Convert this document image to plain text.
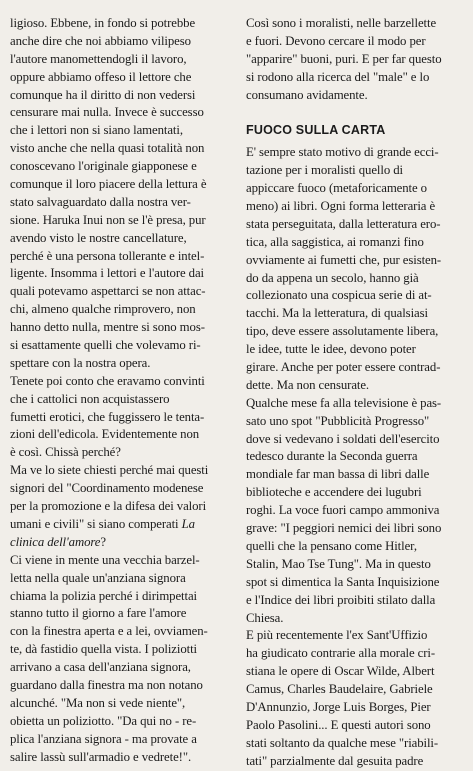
ligioso. Ebbene, in fondo si potrebbe
anche dire che noi abbiamo vilipeso
l'autore manomettendogli il lavoro,
oppure abbiamo offeso il lettore che
comunque ha il diritto di non vedersi
censurare mai nulla. Invece è successo
che i lettori non si siano lamentati,
visto anche che nella quasi totalità non
conoscevano l'originale giapponese e
comunque il loro piacere della lettura è
stato salvaguardato dalla nostra ver-
sione. Haruka Inui non se l'è presa, pur
avendo visto le nostre cancellature,
perché è una persona tollerante e intel-
ligente. Insomma i lettori e l'autore dai
quali potevamo aspettarci se non attac-
chi, almeno qualche rimprovero, non
hanno detto nulla, mentre si sono mos-
si esattamente quelli che volevamo ri-
spettare con la nostra opera.
Tenete poi conto che eravamo convinti
che i cattolici non acquistassero
fumetti erotici, che fuggissero le tenta-
zioni dell'edicola. Evidentemente non
è così. Chissà perché?
Ma ve lo siete chiesti perché mai questi
signori del "Coordinamento modenese
per la promozione e la difesa dei valori
umani e civili" si siano comperati La
clinica dell'amore?
Ci viene in mente una vecchia barzel-
letta nella quale un'anziana signora
chiama la polizia perché i dirimpettai
stanno tutto il giorno a fare l'amore
con la finestra aperta e a lei, ovviamen-
te, dà fastidio quella vista. I poliziotti
arrivano a casa dell'anziana signora,
guardano dalla finestra ma non notano
alcunché. "Ma non si vede niente",
obietta un poliziotto. "Da qui no - re-
plica l'anziana signora - ma provate a
salire lassù sull'armadio e vedrete!".
Così sono i moralisti, nelle barzellette
e fuori. Devono cercare il modo per
"apparire" buoni, puri. E per far questo
si rodono alla ricerca del "male" e lo
consumano avidamente.
FUOCO SULLA CARTA
E' sempre stato motivo di grande ecci-
tazione per i moralisti quello di
appiccare fuoco (metaforicamente o
meno) ai libri. Ogni forma letteraria è
stata perseguitata, dalla letteratura ero-
tica, alla saggistica, ai romanzi fino
ovviamente ai fumetti che, pur esisten-
do da appena un secolo, hanno già
collezionato una cospicua serie di at-
tacchi. Ma la letteratura, di qualsiasi
tipo, deve essere assolutamente libera,
le idee, tutte le idee, devono poter
girare. Anche per poter essere contrad-
dette. Ma non censurate.
Qualche mese fa alla televisione è pas-
sato uno spot "Pubblicità Progresso"
dove si vedevano i soldati dell'esercito
tedesco durante la Seconda guerra
mondiale far man bassa di libri dalle
biblioteche e accendere dei lugubri
roghi. La voce fuori campo ammoniva
grave: "I peggiori nemici dei libri sono
quelli che la pensano come Hitler,
Stalin, Mao Tse Tung". Ma in questo
spot si dimentica la Santa Inquisizione
e l'Indice dei libri proibiti stilato dalla
Chiesa.
E più recentemente l'ex Sant'Uffizio
ha giudicato contrarie alla morale cri-
stiana le opere di Oscar Wilde, Albert
Camus, Charles Baudelaire, Gabriele
D'Annunzio, Jorge Luis Borges, Pier
Paolo Pasolini... E questi autori sono
stati soltanto da qualche mese "riabili-
tati" parzialmente dal gesuita padre
